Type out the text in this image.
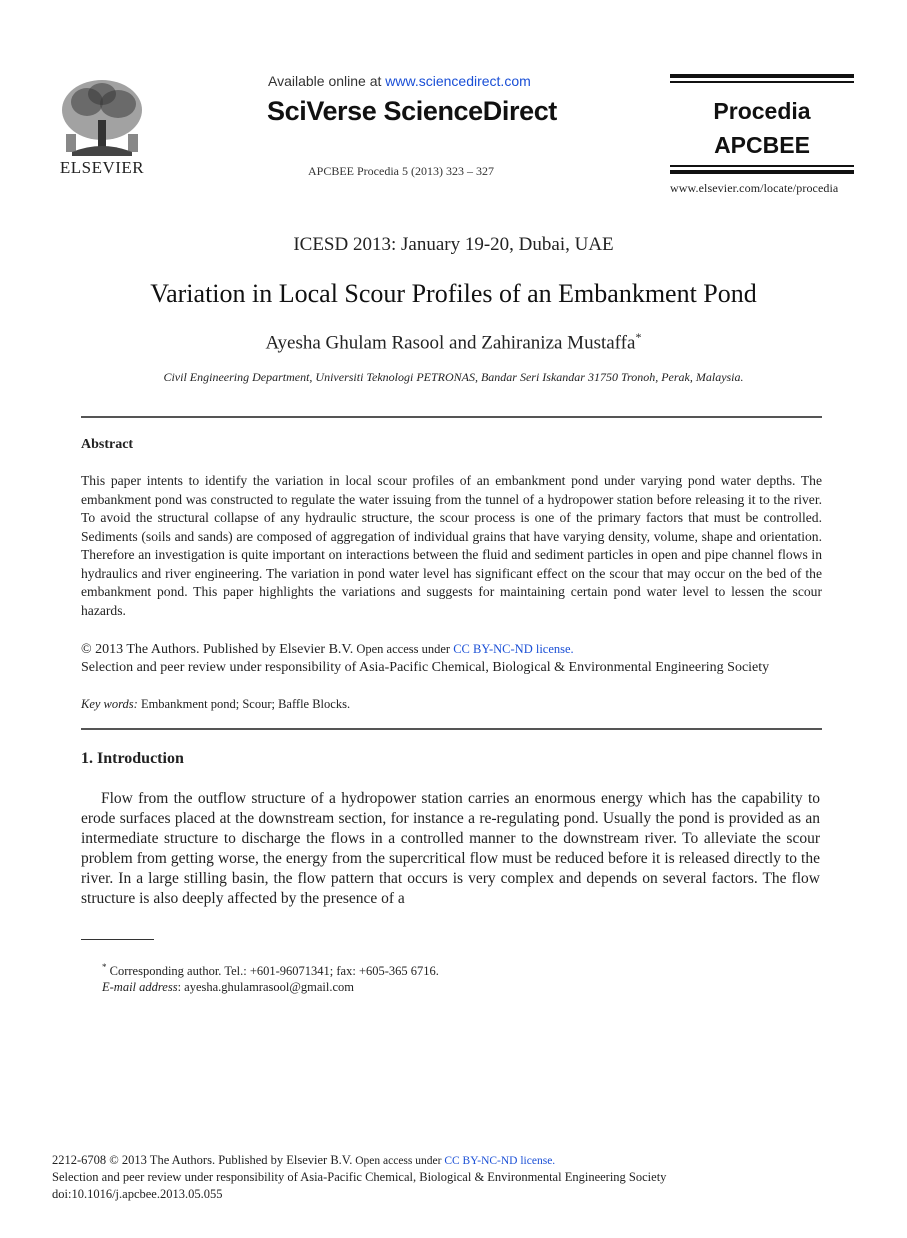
ELSEVIER
Available online at www.sciencedirect.com
SciVerse ScienceDirect
APCBEE Procedia 5 (2013) 323 – 327
Procedia
APCBEE
www.elsevier.com/locate/procedia
ICESD 2013: January 19-20, Dubai, UAE
Variation in Local Scour Profiles of an Embankment Pond
Ayesha Ghulam Rasool and Zahiraniza Mustaffa*
Civil Engineering Department, Universiti Teknologi PETRONAS, Bandar Seri Iskandar 31750 Tronoh, Perak, Malaysia.
Abstract
This paper intents to identify the variation in local scour profiles of an embankment pond under varying pond water depths. The embankment pond was constructed to regulate the water issuing from the tunnel of a hydropower station before releasing it to the river. To avoid the structural collapse of any hydraulic structure, the scour process is one of the primary factors that must be controlled. Sediments (soils and sands) are composed of aggregation of individual grains that have varying density, volume, shape and orientation. Therefore an investigation is quite important on interactions between the fluid and sediment particles in open and pipe channel flows in hydraulics and river engineering. The variation in pond water level has significant effect on the scour that may occur on the bed of the embankment pond. This paper highlights the variations and suggests for maintaining certain pond water level to lessen the scour hazards.
© 2013 The Authors. Published by Elsevier B.V. Open access under CC BY-NC-ND license.
Selection and peer review under responsibility of Asia-Pacific Chemical, Biological & Environmental Engineering Society
Key words: Embankment pond; Scour; Baffle Blocks.
1. Introduction
Flow from the outflow structure of a hydropower station carries an enormous energy which has the capability to erode surfaces placed at the downstream section, for instance a re-regulating pond. Usually the pond is provided as an intermediate structure to discharge the flows in a controlled manner to the downstream river. To alleviate the scour problem from getting worse, the energy from the supercritical flow must be reduced before it is released directly to the river. In a large stilling basin, the flow pattern that occurs is very complex and depends on several factors. The flow structure is also deeply affected by the presence of a
* Corresponding author. Tel.: +601-96071341; fax: +605-365 6716.
E-mail address: ayesha.ghulamrasool@gmail.com
2212-6708 © 2013 The Authors. Published by Elsevier B.V. Open access under CC BY-NC-ND license.
Selection and peer review under responsibility of Asia-Pacific Chemical, Biological & Environmental Engineering Society
doi:10.1016/j.apcbee.2013.05.055
